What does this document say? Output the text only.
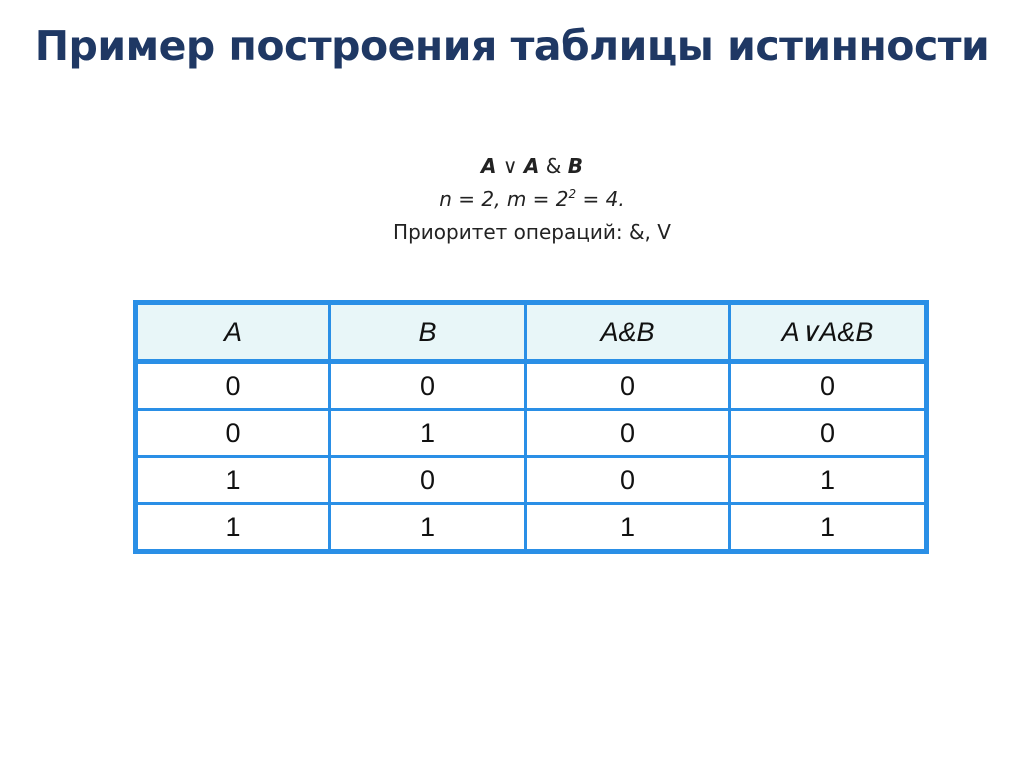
Пример построения таблицы истинности
A ∨ A & B
n = 2, $m = 2^2 = 4$.
Приоритет операций: &, V
A	B	A&B	A∨A&B
0	0	0	0
0	1	0	0
1	0	0	1
1	1	1	1
